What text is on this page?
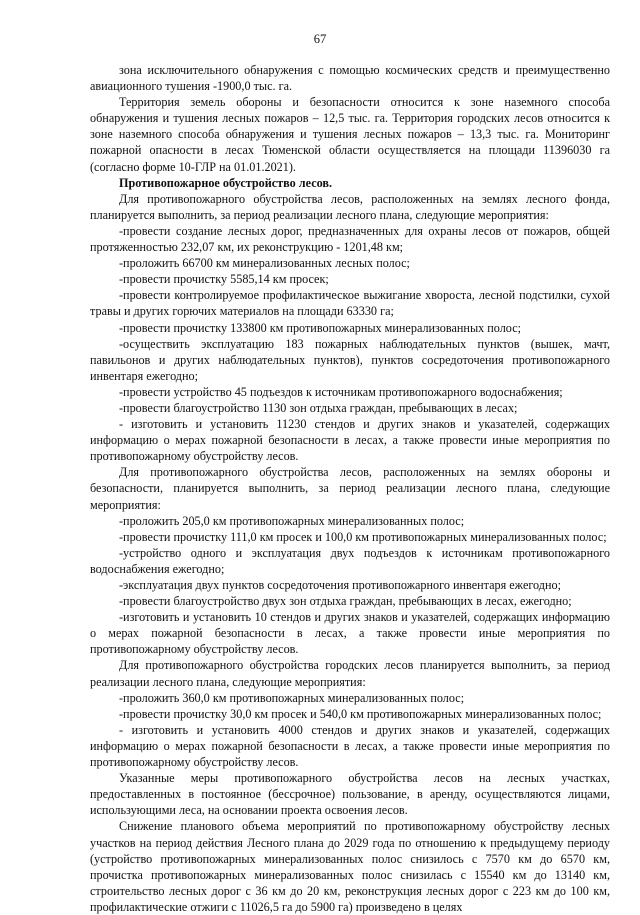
67

зона исключительного обнаружения с помощью космических средств и преимущественно авиационного тушения -1900,0 тыс. га.

Территория земель обороны и безопасности относится к зоне наземного способа обнаружения и тушения лесных пожаров – 12,5 тыс. га. Территория городских лесов относится к зоне наземного способа обнаружения и тушения лесных пожаров – 13,3 тыс. га. Мониторинг пожарной опасности в лесах Тюменской области осуществляется на площади 11396030 га (согласно форме 10-ГЛР на 01.01.2021).

Противопожарное обустройство лесов.

Для противопожарного обустройства лесов, расположенных на землях лесного фонда, планируется выполнить, за период реализации лесного плана, следующие мероприятия:

-провести создание лесных дорог, предназначенных для охраны лесов от пожаров, общей протяженностью 232,07 км, их реконструкцию - 1201,48 км;

-проложить 66700 км минерализованных лесных полос;

-провести прочистку 5585,14 км просек;

-провести контролируемое профилактическое выжигание хвороста, лесной подстилки, сухой травы и других горючих материалов на площади 63330 га;

-провести прочистку 133800 км противопожарных минерализованных полос;

-осуществить эксплуатацию 183 пожарных наблюдательных пунктов (вышек, мачт, павильонов и других наблюдательных пунктов), пунктов сосредоточения противопожарного инвентаря ежегодно;

-провести устройство 45 подъездов к источникам противопожарного водоснабжения;

-провести благоустройство 1130 зон отдыха граждан, пребывающих в лесах;

- изготовить и установить 11230 стендов и других знаков и указателей, содержащих информацию о мерах пожарной безопасности в лесах, а также провести иные мероприятия по противопожарному обустройству лесов.

Для противопожарного обустройства лесов, расположенных на землях обороны и безопасности, планируется выполнить, за период реализации лесного плана, следующие мероприятия:

-проложить 205,0 км противопожарных минерализованных полос;

-провести прочистку 111,0 км просек и 100,0 км противопожарных минерализованных полос;

-устройство одного и эксплуатация двух подъездов к источникам противопожарного водоснабжения ежегодно;

-эксплуатация двух пунктов сосредоточения противопожарного инвентаря ежегодно;

-провести благоустройство двух зон отдыха граждан, пребывающих в лесах, ежегодно;

-изготовить и установить 10 стендов и других знаков и указателей, содержащих информацию о мерах пожарной безопасности в лесах, а также провести иные мероприятия по противопожарному обустройству лесов.

Для противопожарного обустройства городских лесов планируется выполнить, за период реализации лесного плана, следующие мероприятия:

-проложить 360,0 км противопожарных минерализованных полос;

-провести прочистку 30,0 км просек и 540,0 км противопожарных минерализованных полос;

- изготовить и установить 4000 стендов и других знаков и указателей, содержащих информацию о мерах пожарной безопасности в лесах, а также провести иные мероприятия по противопожарному обустройству лесов.

Указанные меры противопожарного обустройства лесов на лесных участках, предоставленных в постоянное (бессрочное) пользование, в аренду, осуществляются лицами, использующими леса, на основании проекта освоения лесов.

Снижение планового объема мероприятий по противопожарному обустройству лесных участков на период действия Лесного плана до 2029 года по отношению к предыдущему периоду (устройство противопожарных минерализованных полос снизилось с 7570 км до 6570 км, прочистка противопожарных минерализованных полос снизилась с 15540 км до 13140 км, строительство лесных дорог с 36 км до 20 км, реконструкция лесных дорог с 223 км до 100 км, профилактические отжиги с 11026,5 га до 5900 га) произведено в целях
